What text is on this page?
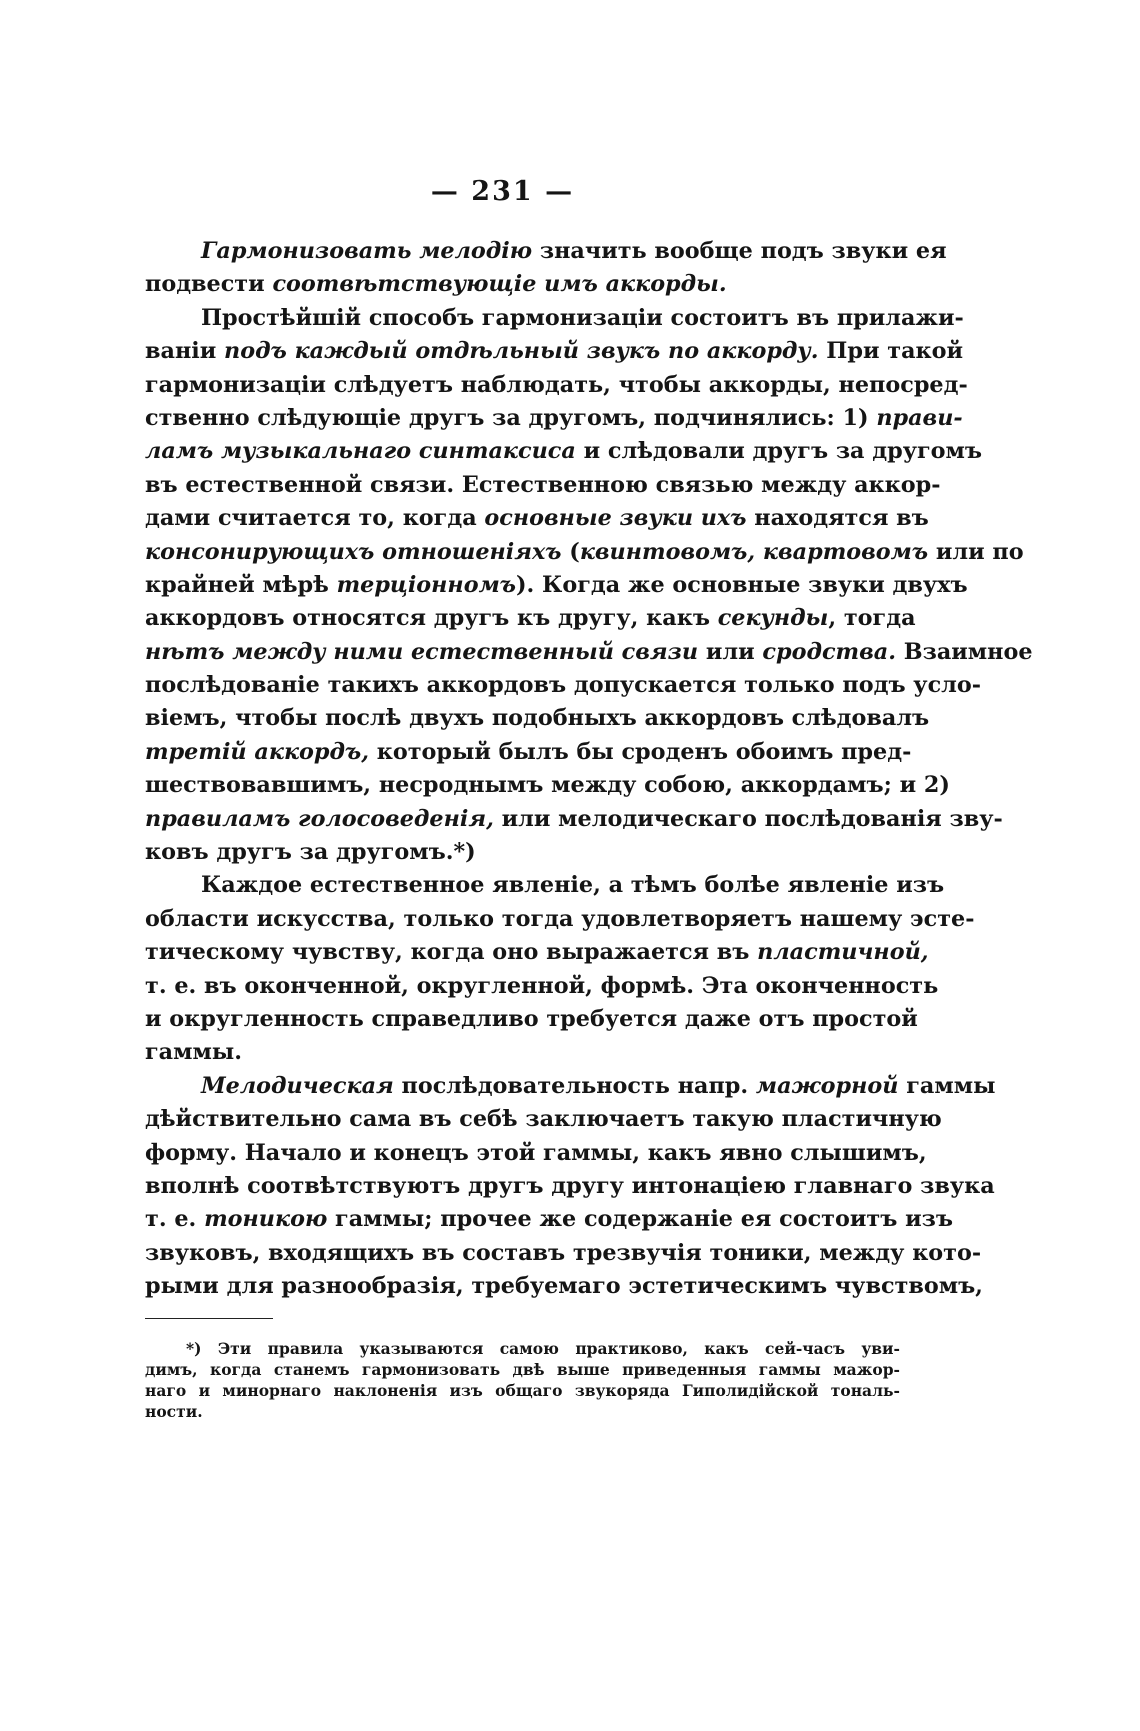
— 231 —
Гармонизовать мелодію значить вообще подъ звуки ея
подвести соотвѣтствующіе имъ аккорды.
Простѣйшій способъ гармонизаціи состоитъ въ прилажи-
ваніи подъ каждый отдѣльный звукъ по аккорду. При такой
гармонизаціи слѣдуетъ наблюдать, чтобы аккорды, непосред-
ственно слѣдующіе другъ за другомъ, подчинялись: 1) прави-
ламъ музыкальнаго синтаксиса и слѣдовали другъ за другомъ
въ естественной связи. Естественною связью между аккор-
дами считается то, когда основные звуки ихъ находятся въ
консонирующихъ отношеніяхъ (квинтовомъ, квартовомъ или по
крайней мѣрѣ терціонномъ). Когда же основные звуки двухъ
аккордовъ относятся другъ къ другу, какъ секунды, тогда
нѣтъ между ними естественный связи или сродства. Взаимное
послѣдованіе такихъ аккордовъ допускается только подъ усло-
віемъ, чтобы послѣ двухъ подобныхъ аккордовъ слѣдовалъ
третій аккордъ, который былъ бы сроденъ обоимъ пред-
шествовавшимъ, несроднымъ между собою, аккордамъ; и 2)
правиламъ голосоведенія, или мелодическаго послѣдованія зву-
ковъ другъ за другомъ.*)
Каждое естественное явленіе, а тѣмъ болѣе явленіе изъ
области искусства, только тогда удовлетворяетъ нашему эсте-
тическому чувству, когда оно выражается въ пластичной,
т. е. въ оконченной, округленной, формѣ. Эта оконченность
и округленность справедливо требуется даже отъ простой
гаммы.
Мелодическая послѣдовательность напр. мажорной гаммы
дѣйствительно сама въ себѣ заключаетъ такую пластичную
форму. Начало и конецъ этой гаммы, какъ явно слышимъ,
вполнѣ соотвѣтствуютъ другъ другу интонаціею главнаго звука
т. е. тоникою гаммы; прочее же содержаніе ея состоитъ изъ
звуковъ, входящихъ въ составъ трезвучія тоники, между кото-
рыми для разнообразія, требуемаго эстетическимъ чувствомъ,
*) Эти правила указываются самою практиково, какъ сей-часъ уви-
димъ, когда станемъ гармонизовать двѣ выше приведенныя гаммы мажор-
наго и минорнаго наклоненія изъ общаго звукоряда Гиполидійской тональ-
ности.
